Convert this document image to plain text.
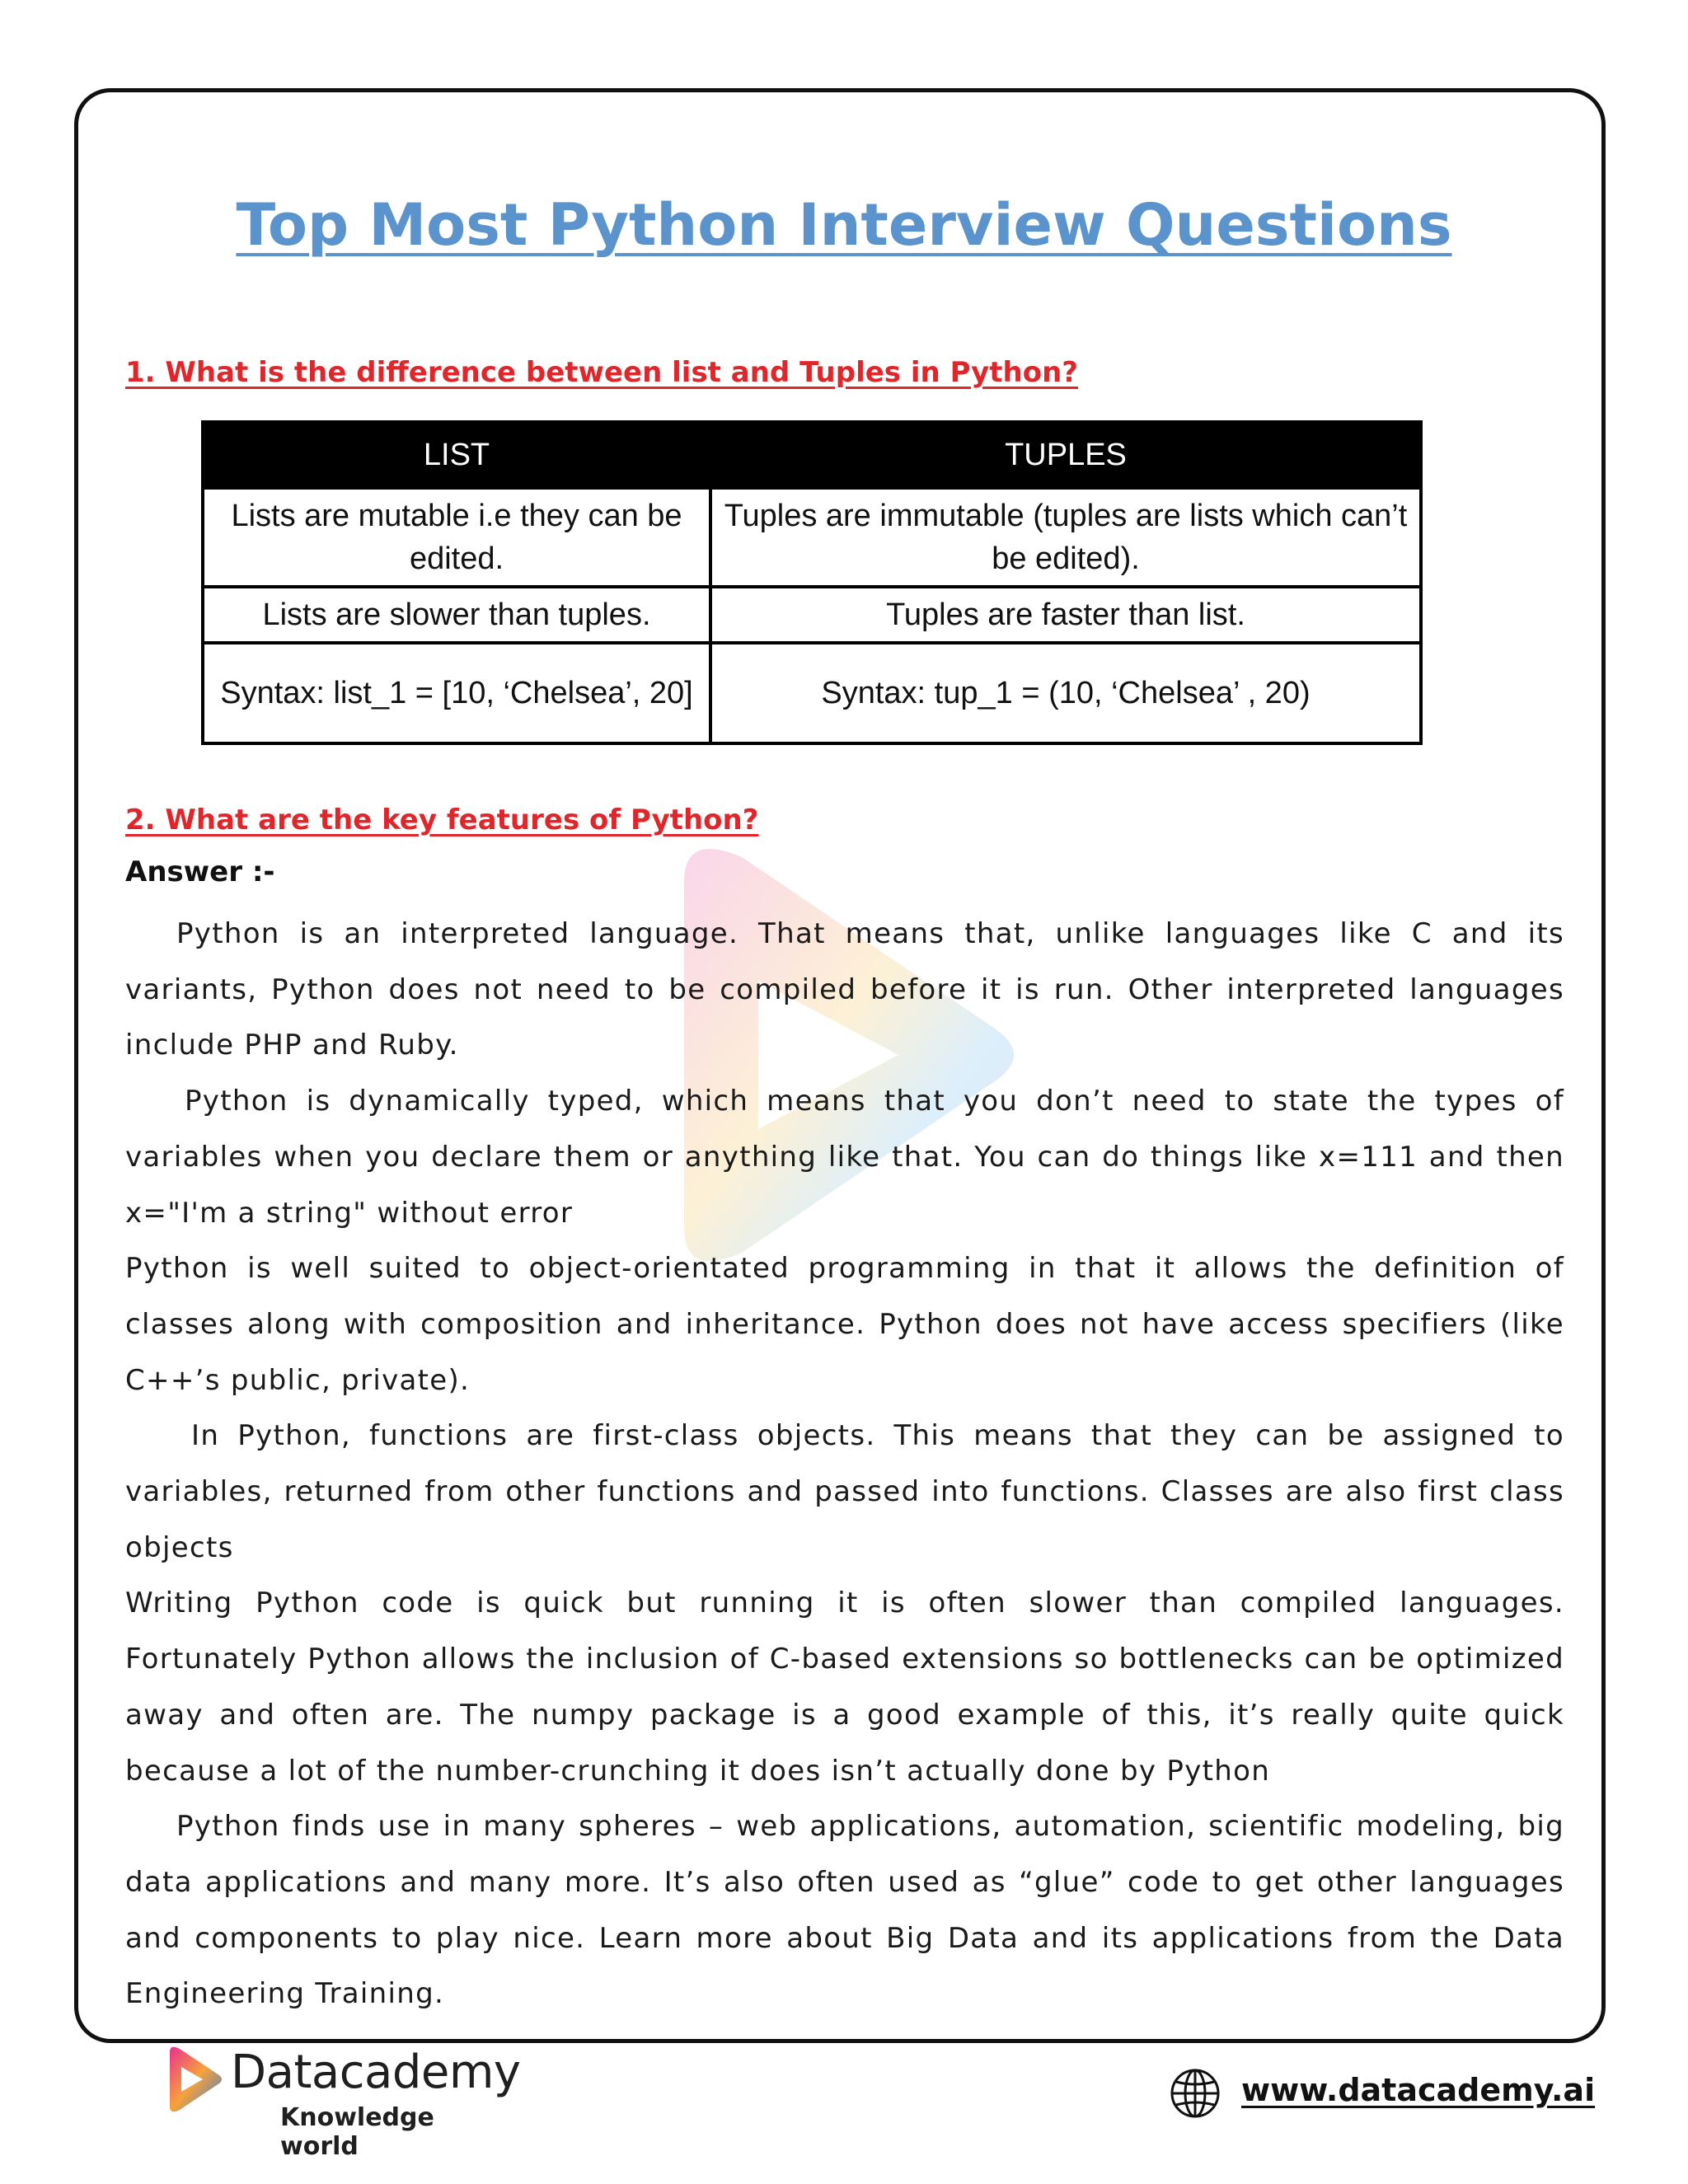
Top Most Python Interview Questions
1. What is the difference between list and Tuples in Python?
LIST	TUPLES
Lists are mutable i.e they can be edited.	Tuples are immutable (tuples are lists which can’t be edited).
Lists are slower than tuples.	Tuples are faster than list.
Syntax: list_1 = [10, ‘Chelsea’, 20]	Syntax: tup_1 = (10, ‘Chelsea’ , 20)
2. What are the key features of Python?
Answer :-

Python is an interpreted language. That means that, unlike languages like C and its variants, Python does not need to be compiled before it is run. Other interpreted languages include PHP and Ruby.

Python is dynamically typed, which means that you don’t need to state the types of variables when you declare them or anything like that. You can do things like x=111 and then x="I'm a string" without error

Python is well suited to object-orientated programming in that it allows the definition of classes along with composition and inheritance. Python does not have access specifiers (like C++’s public, private).

In Python, functions are first-class objects. This means that they can be assigned to variables, returned from other functions and passed into functions. Classes are also first class objects

Writing Python code is quick but running it is often slower than compiled languages. Fortunately Python allows the inclusion of C-based extensions so bottlenecks can be optimized away and often are. The numpy package is a good example of this, it’s really quite quick because a lot of the number-crunching it does isn’t actually done by Python

Python finds use in many spheres – web applications, automation, scientific modeling, big data applications and many more. It’s also often used as “glue” code to get other languages and components to play nice. Learn more about Big Data and its applications from the Data Engineering Training.

Datacademy
Knowledge world
www.datacademy.ai
